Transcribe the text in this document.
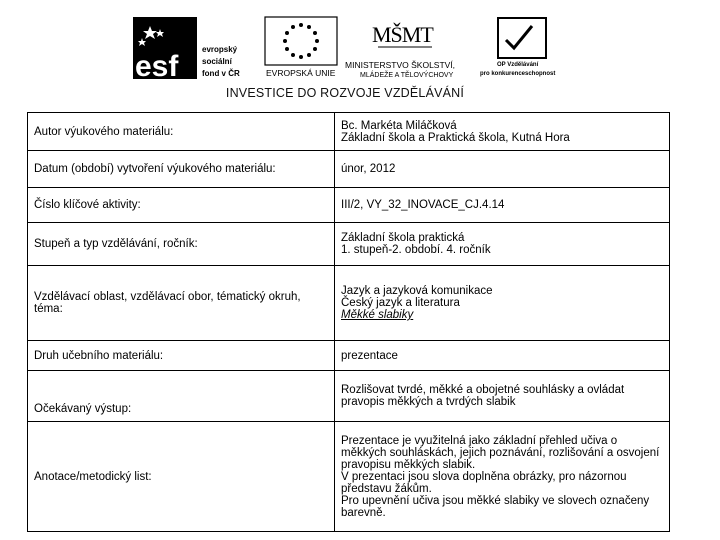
esf
evropský
sociální
fond v ČR	EVROPSKÁ UNIE
MŠMT
MINISTERSTVO ŠKOLSTVÍ,
MLÁDEŽE A TĚLOVÝCHOVY
OP Vzdělávání
pro konkurenceschopnost
INVESTICE DO ROZVOJE VZDĚLÁVÁNÍ
Autor výukového materiálu:	Bc. Markéta Miláčková
Základní škola a Praktická škola, Kutná Hora

Datum (období) vytvoření výukového materiálu:	únor, 2012

Číslo klíčové aktivity:	III/2, VY_32_INOVACE_CJ.4.14

Stupeň a typ vzdělávání, ročník:	Základní škola praktická
1. stupeň-2. období. 4. ročník

Vzdělávací oblast, vzdělávací obor, tématický okruh, téma:	Jazyk a jazyková komunikace
Český jazyk a literatura
Měkké slabiky

Druh učebního materiálu:	prezentace

Očekávaný výstup:	Rozlišovat tvrdé, měkké a obojetné souhlásky a ovládat pravopis měkkých a tvrdých slabik

Anotace/metodický list:	Prezentace je využitelná jako základní přehled učiva o měkkých souhláskách, jejich poznávání, rozlišování a osvojení pravopisu měkkých slabik.
V prezentaci jsou slova doplněna obrázky, pro názornou představu žákům.
Pro upevnění učiva jsou měkké slabiky ve slovech označeny barevně.
